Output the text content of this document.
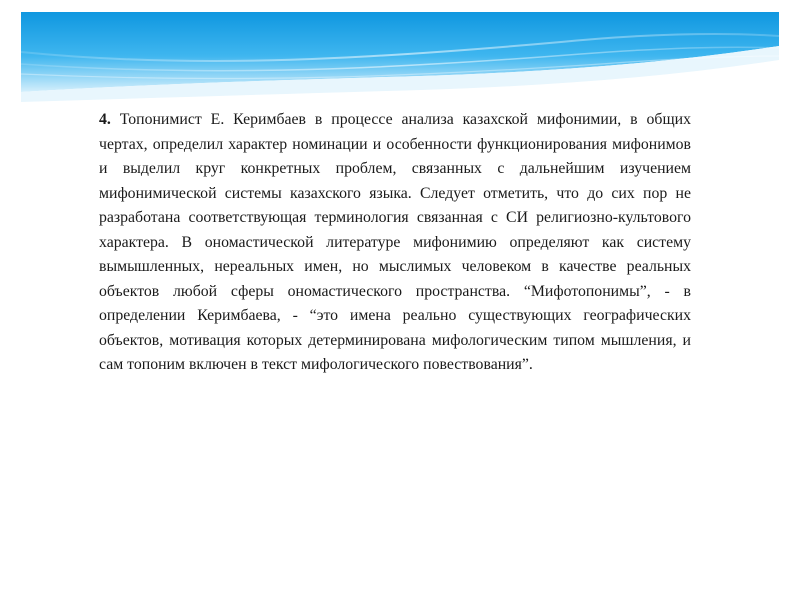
4. Топонимист Е. Керимбаев в процессе анализа казахской мифонимии, в общих чертах, определил характер номинации и особенности функционирования мифонимов и выделил круг конкретных проблем, связанных с дальнейшим изучением мифонимической системы казахского языка. Следует отметить, что до сих пор не разработана соответствующая терминология связанная с СИ религиозно-культового характера. В ономастической литературе мифонимию определяют как систему вымышленных, нереальных имен, но мыслимых человеком в качестве реальных объектов любой сферы ономастического пространства. “Мифотопонимы”, - в определении Керимбаева, - “это имена реально существующих географических объектов, мотивация которых детерминирована мифологическим типом мышления, и сам топоним включен в текст мифологического повествования”.
